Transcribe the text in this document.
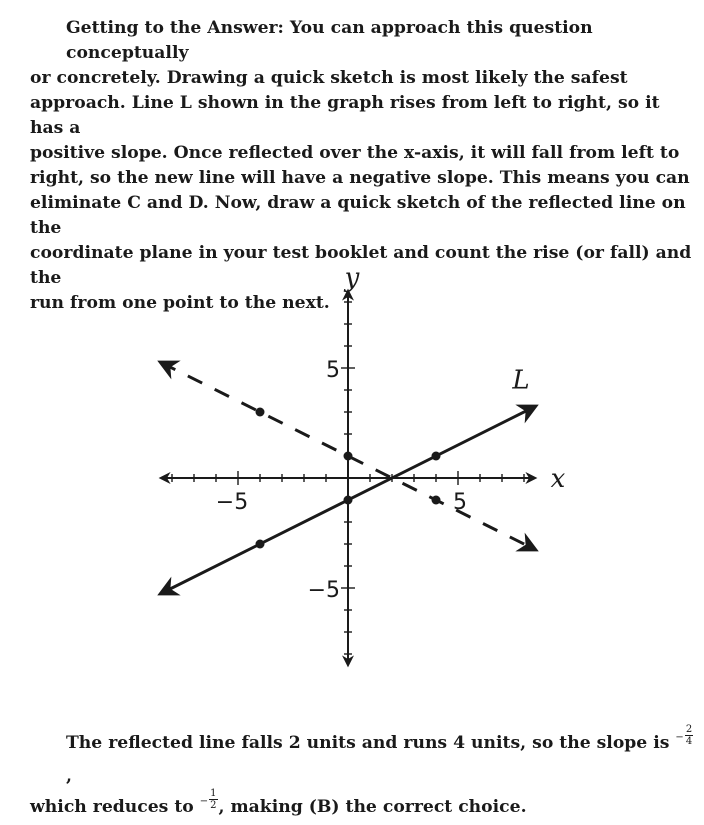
Getting to the Answer: You can approach this question conceptually
or concretely. Drawing a quick sketch is most likely the safest
approach. Line L shown in the graph rises from left to right, so it has a
positive slope. Once reflected over the x-axis, it will fall from left to
right, so the new line will have a negative slope. This means you can
eliminate C and D. Now, draw a quick sketch of the reflected line on the
coordinate plane in your test booklet and count the rise (or fall) and the
run from one point to the next.
−5	5
5
−5
y
x
L
The reflected line falls 2 units and runs 4 units, so the slope is $^- \frac{2}{4}$
,
which reduces to $^- \frac{1}{2}$ , making (B) the correct choice.
